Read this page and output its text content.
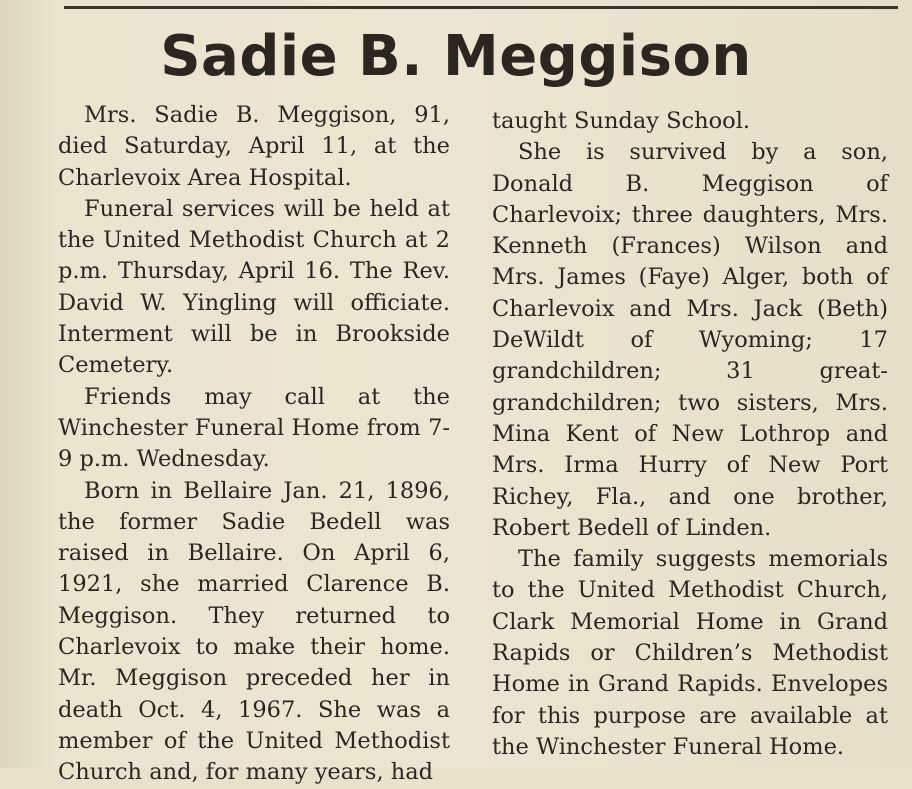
Sadie B. Meggison

Mrs. Sadie B. Meggison, 91, died Saturday, April 11, at the Charlevoix Area Hospital.

Funeral services will be held at the United Methodist Church at 2 p.m. Thursday, April 16. The Rev. David W. Yingling will officiate. Interment will be in Brookside Cemetery.

Friends may call at the Winchester Funeral Home from 7-9 p.m. Wednesday.

Born in Bellaire Jan. 21, 1896, the former Sadie Bedell was raised in Bellaire. On April 6, 1921, she married Clarence B. Meggison. They returned to Charlevoix to make their home. Mr. Meggison preceded her in death Oct. 4, 1967. She was a member of the United Methodist Church and, for many years, had

taught Sunday School.

She is survived by a son, Donald B. Meggison of Charlevoix; three daughters, Mrs. Kenneth (Frances) Wilson and Mrs. James (Faye) Alger, both of Charlevoix and Mrs. Jack (Beth) DeWildt of Wyoming; 17 grandchildren; 31 great-grandchildren; two sisters, Mrs. Mina Kent of New Lothrop and Mrs. Irma Hurry of New Port Richey, Fla., and one brother, Robert Bedell of Linden.

The family suggests memorials to the United Methodist Church, Clark Memorial Home in Grand Rapids or Children’s Methodist Home in Grand Rapids. Envelopes for this purpose are available at the Winchester Funeral Home.
